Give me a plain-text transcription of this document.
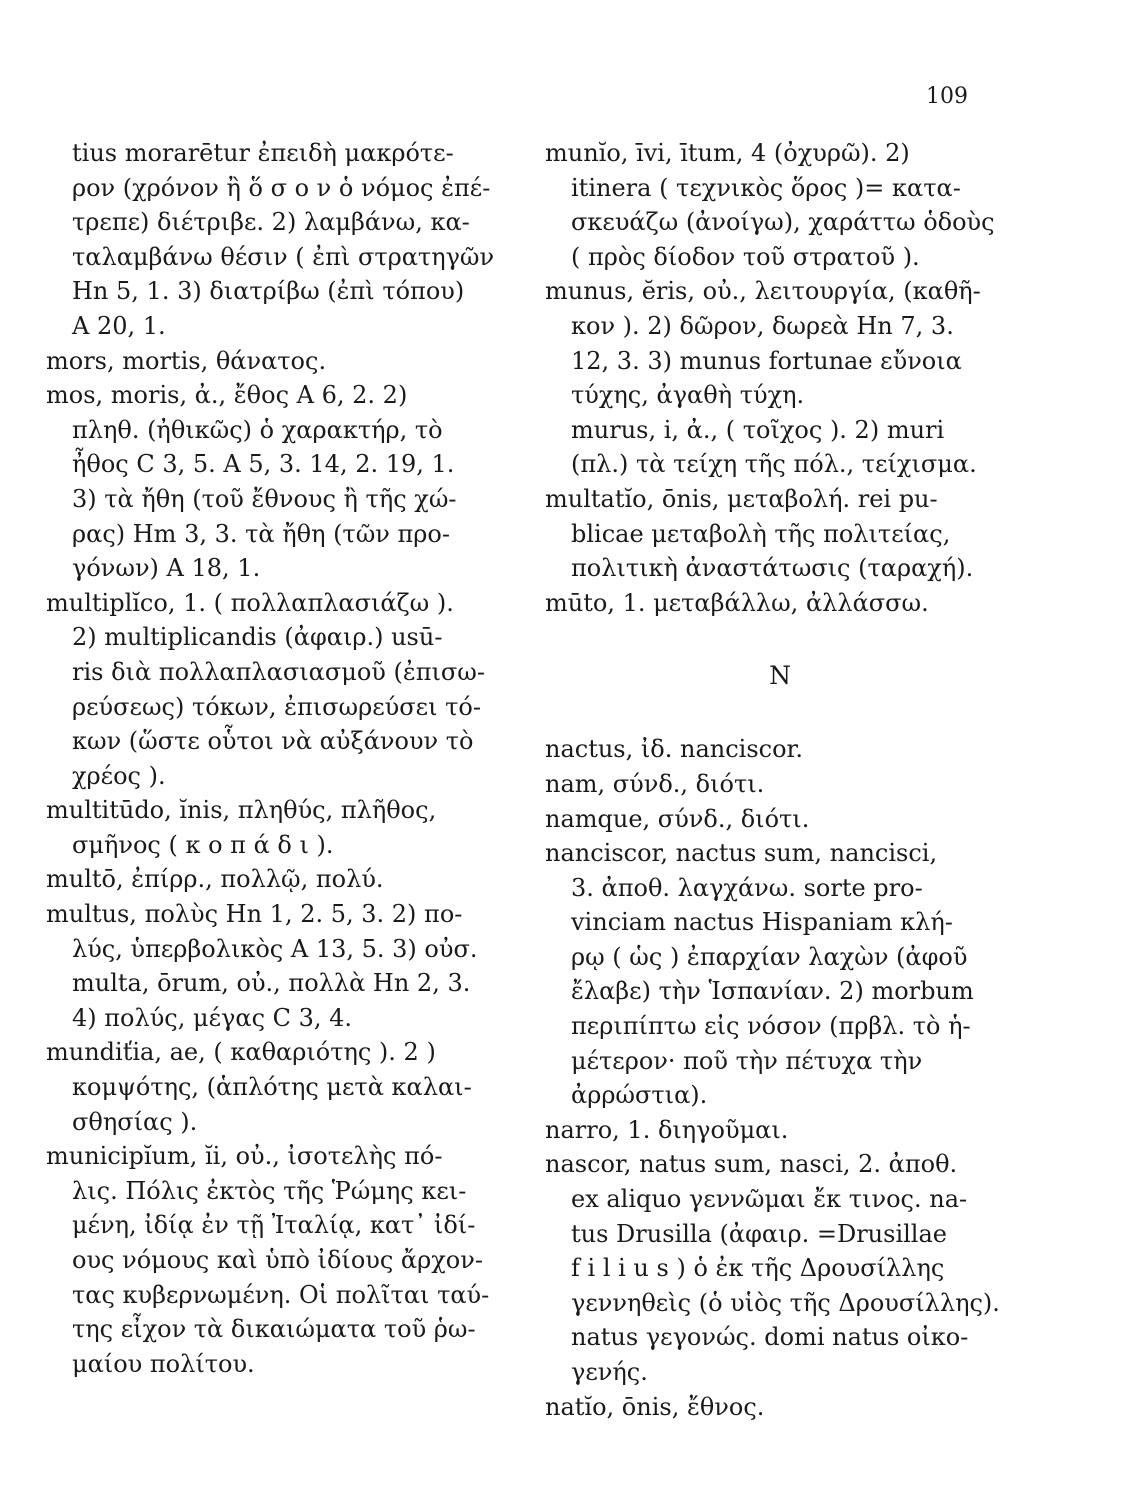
109
tius morarētur ἐπειδὴ μακρότε-
ρον (χρόνον ἢ ὅ σ ο ν ὁ νόμος ἐπέ-
τρεπε) διέτριβε. 2) λαμβάνω, κα-
ταλαμβάνω θέσιν ( ἐπὶ στρατηγῶν
Hn 5, 1. 3) διατρίβω (ἐπὶ τόπου)
A 20, 1.
mors, mortis, θάνατος.
mos, moris, ἀ., ἔθος A 6, 2. 2)
πληθ. (ἠθικῶς) ὁ χαρακτήρ, τὸ
ἦθος C 3, 5. A 5, 3. 14, 2. 19, 1.
3) τὰ ἤθη (τοῦ ἔθνους ἢ τῆς χώ-
ρας) Hm 3, 3. τὰ ἤθη (τῶν προ-
γόνων) A 18, 1.
multiplĭco, 1. ( πολλαπλασιάζω ).
2) multiplicandis (ἀφαιρ.) usū-
ris διὰ πολλαπλασιασμοῦ (ἐπισω-
ρεύσεως) τόκων, ἐπισωρεύσει τό-
κων (ὥστε οὗτοι νὰ αὐξάνουν τὸ
χρέος ).
multitūdo, ĭnis, πληθύς, πλῆθος,
σμῆνος ( κ ο π ά δ ι ).
multō, ἐπίρρ., πολλῷ, πολύ.
multus, πολὺς Hn 1, 2. 5, 3. 2) πο-
λύς, ὑπερβολικὸς A 13, 5. 3) οὐσ.
multa, ōrum, οὐ., πολλὰ Hn 2, 3.
4) πολύς, μέγας C 3, 4.
mundiťia, ae, ( καθαριότης ). 2 )
κομψότης, (ἁπλότης μετὰ καλαι-
σθησίας ).
municipĭum, ĭi, οὐ., ἰσοτελὴς πό-
λις. Πόλις ἐκτὸς τῆς Ῥώμης κει-
μένη, ἰδίᾳ ἐν τῇ Ἰταλίᾳ, κατ᾽ ἰδί-
ους νόμους καὶ ὑπὸ ἰδίους ἄρχον-
τας κυβερνωμένη. Οἱ πολῖται ταύ-
της εἶχον τὰ δικαιώματα τοῦ ῥω-
μαίου πολίτου.
munĭo, īvi, ītum, 4 (ὀχυρῶ). 2)
itinera ( τεχνικὸς ὅρος )= κατα-
σκευάζω (ἀνοίγω), χαράττω ὁδοὺς
( πρὸς δίοδον τοῦ στρατοῦ ).
munus, ĕris, οὐ., λειτουργία, (καθῆ-
κον ). 2) δῶρον, δωρεὰ Hn 7, 3.
12, 3. 3) munus fortunae εὔνοια
τύχης, ἀγαθὴ τύχη.
murus, i, ἀ., ( τοῖχος ). 2) muri
(πλ.) τὰ τείχη τῆς πόλ., τείχισμα.
multatĭo, ōnis, μεταβολή. rei pu-
blicae μεταβολὴ τῆς πολιτείας,
πολιτικὴ ἀναστάτωσις (ταραχή).
mūto, 1. μεταβάλλω, ἀλλάσσω.
N
nactus, ἰδ. nanciscor.
nam, σύνδ., διότι.
namque, σύνδ., διότι.
nanciscor, nactus sum, nancisci,
3. ἀποθ. λαγχάνω. sorte pro-
vinciam nactus Hispaniam κλή-
ρῳ ( ὡς ) ἐπαρχίαν λαχὼν (ἀφοῦ
ἔλαβε) τὴν Ἱσπανίαν. 2) morbum
περιπίπτω εἰς νόσον (πρβλ. τὸ ἡ-
μέτερον· ποῦ τὴν πέτυχα τὴν
ἀρρώστια).
narro, 1. διηγοῦμαι.
nascor, natus sum, nasci, 2. ἀποθ.
ex aliquo γεννῶμαι ἔκ τινος. na-
tus Drusilla (ἀφαιρ. =Drusillae
f i l i u s ) ὁ ἐκ τῆς Δρουσίλλης
γεννηθεὶς (ὁ υἱὸς τῆς Δρουσίλλης).
natus γεγονώς. domi natus οἰκο-
γενής.
natĭo, ōnis, ἔθνος.
